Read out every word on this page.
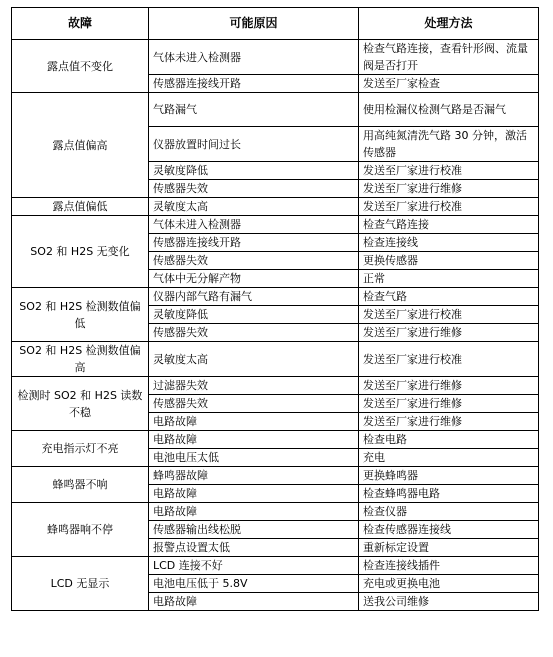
故障	可能原因	处理方法
露点值不变化	气体未进入检测器	检查气路连接，查看针形阀、流量阀是否打开
	传感器连接线开路	发送至厂家检查
露点值偏高	气路漏气	使用检漏仪检测气路是否漏气
	仪器放置时间过长	用高纯氮清洗气路 30 分钟，激活传感器
	灵敏度降低	发送至厂家进行校准
	传感器失效	发送至厂家进行维修
露点值偏低	灵敏度太高	发送至厂家进行校准
SO2 和 H2S 无变化	气体未进入检测器	检查气路连接
	传感器连接线开路	检查连接线
	传感器失效	更换传感器
	气体中无分解产物	正常
SO2 和 H2S 检测数值偏低	仪器内部气路有漏气	检查气路
	灵敏度降低	发送至厂家进行校准
	传感器失效	发送至厂家进行维修
SO2 和 H2S 检测数值偏高	灵敏度太高	发送至厂家进行校准
检测时 SO2 和 H2S 读数不稳	过滤器失效	发送至厂家进行维修
	传感器失效	发送至厂家进行维修
	电路故障	发送至厂家进行维修
充电指示灯不亮	电路故障	检查电路
	电池电压太低	充电
蜂鸣器不响	蜂鸣器故障	更换蜂鸣器
	电路故障	检查蜂鸣器电路
蜂鸣器响不停	电路故障	检查仪器
	传感器输出线松脱	检查传感器连接线
	报警点设置太低	重新标定设置
LCD 无显示	LCD 连接不好	检查连接线插件
	电池电压低于 5.8V	充电或更换电池
	电路故障	送我公司维修
